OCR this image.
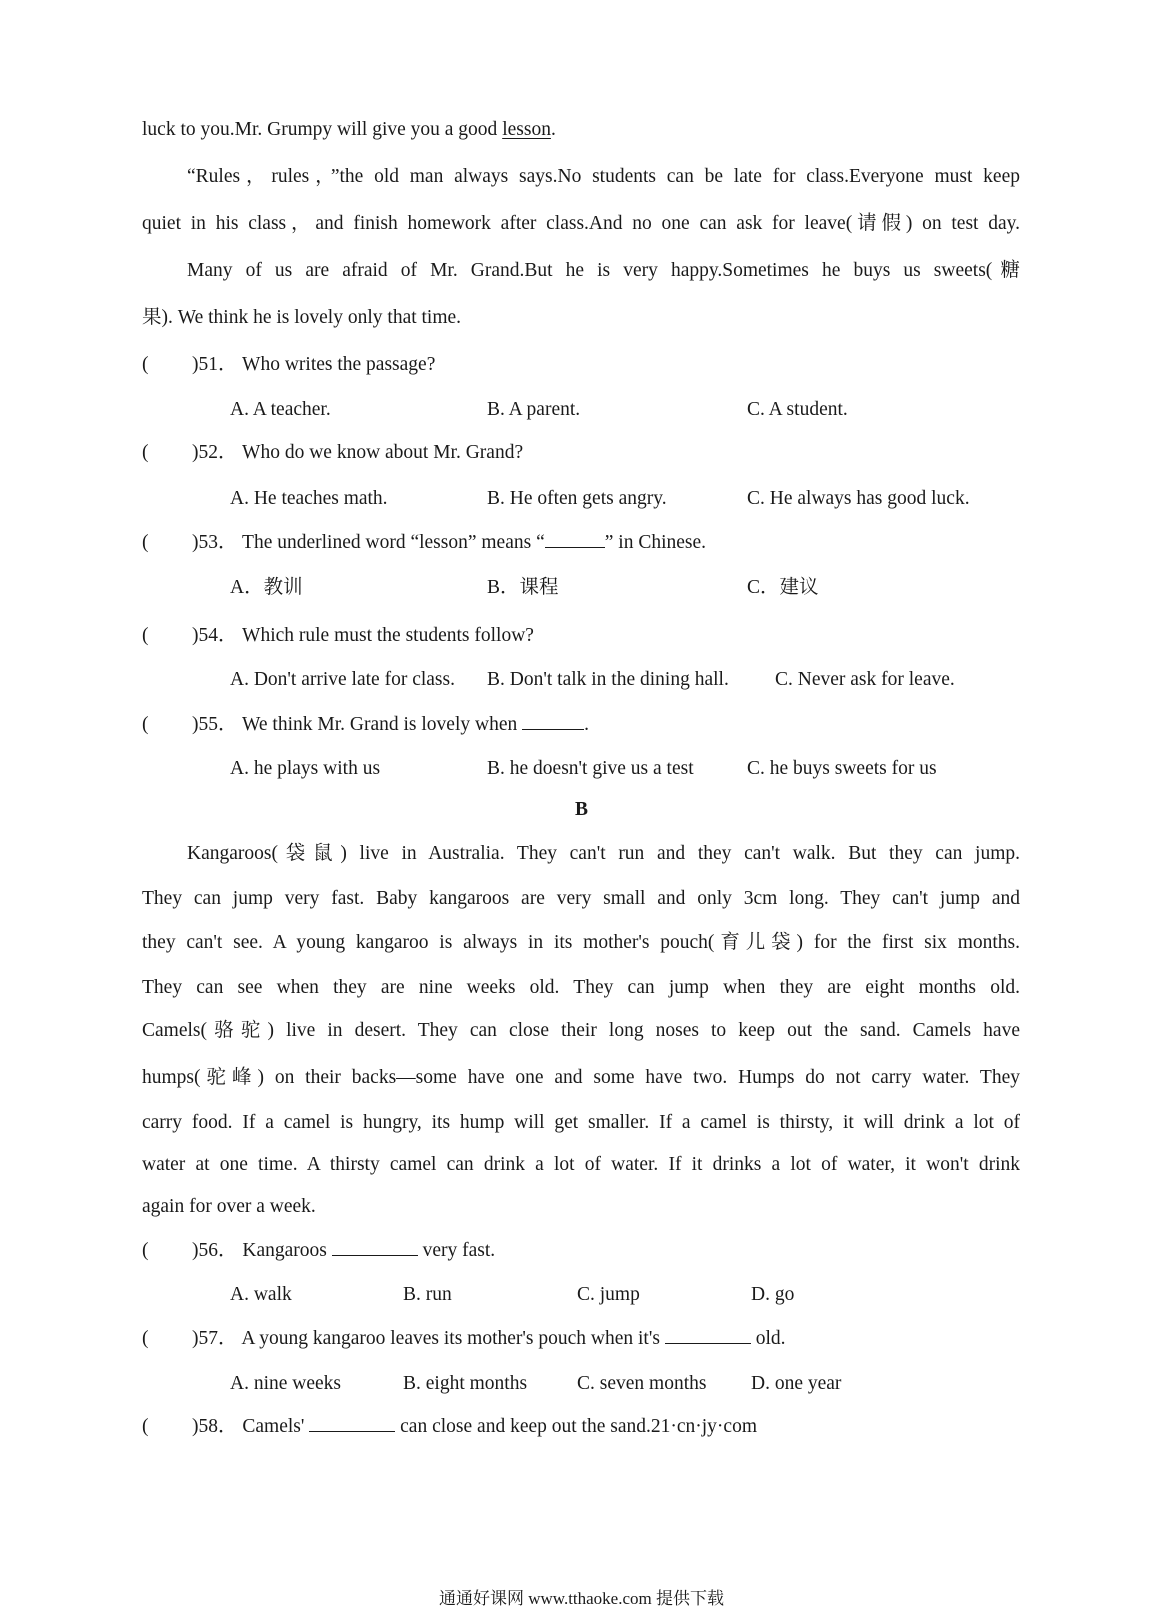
luck to you.Mr. Grumpy will give you a good lesson.
“Rules，rules，”the old man always says.No students can be late for class.Everyone must keep
quiet in his class，and finish homework after class.And no one can ask for leave(请假) on test day.
Many of us are afraid of Mr. Grand.But he is very happy.Sometimes he buys us sweets(糖
果). We think he is lovely only that time.
( )51． Who writes the passage?
A. A teacher.	B. A parent.	C. A student.
( )52． Who do we know about Mr. Grand?
A. He teaches math.	B. He often gets angry.	C. He always has good luck.
( )53． The underlined word “lesson” means “	” in Chinese.
A．教训	B．课程	C．建议
( )54． Which rule must the students follow?
A. Don't arrive late for class. B. Don't talk in the dining hall. C. Never ask for leave.
( )55． We think Mr. Grand is lovely when	.
A. he plays with us	B. he doesn't give us a test	C. he buys sweets for us
B
Kangaroos(袋鼠) live in Australia. They can't run and they can't walk. But they can jump.
They can jump very fast. Baby kangaroos are very small and only 3cm long. They can't jump and
they can't see. A young kangaroo is always in its mother's pouch(育儿袋) for the first six months.
They can see when they are nine weeks old. They can jump when they are eight months old.
Camels(骆驼) live in desert. They can close their long noses to keep out the sand. Camels have
humps(驼峰) on their backs—some have one and some have two. Humps do not carry water. They
carry food. If a camel is hungry, its hump will get smaller. If a camel is thirsty, it will drink a lot of
water at one time. A thirsty camel can drink a lot of water. If it drinks a lot of water, it won't drink
again for over a week.
( )56． Kangaroos	very fast.
A. walk	B. run	C. jump	D. go
( )57． A young kangaroo leaves its mother's pouch when it's	old.
A. nine weeks	B. eight months	C. seven months D. one year
( )58． Camels'	can close and keep out the sand.21·cn·jy·com
通通好课网 www.tthaoke.com 提供下载
